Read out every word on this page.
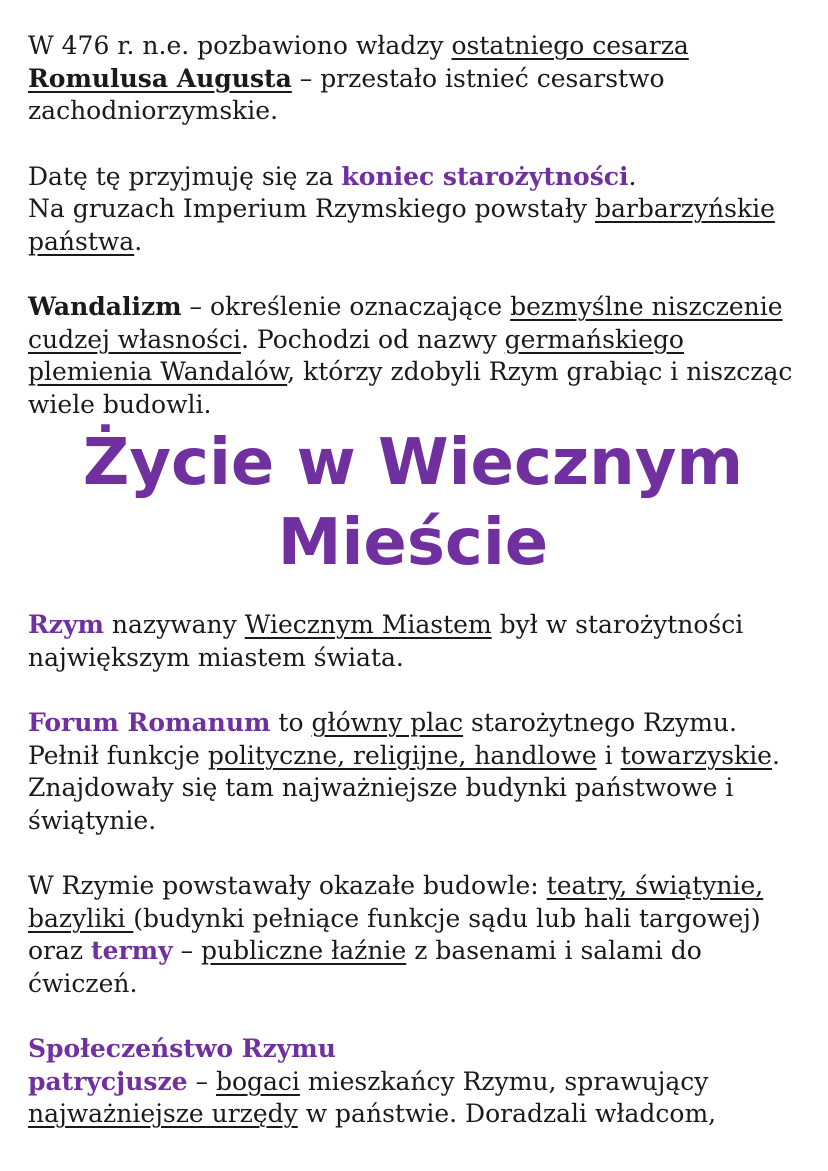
W 476 r. n.e. pozbawiono władzy ostatniego cesarza
Romulusa Augusta – przestało istnieć cesarstwo zachodniorzymskie.

Datę tę przyjmuję się za koniec starożytności.
Na gruzach Imperium Rzymskiego powstały barbarzyńskie państwa.

Wandalizm – określenie oznaczające bezmyślne niszczenie cudzej własności. Pochodzi od nazwy germańskiego plemienia Wandalów, którzy zdobyli Rzym grabiąc i niszcząc wiele budowli.

Życie w Wiecznym
Mieście

Rzym nazywany Wiecznym Miastem był w starożytności największym miastem świata.

Forum Romanum to główny plac starożytnego Rzymu. Pełnił funkcje polityczne, religijne, handlowe i towarzyskie. Znajdowały się tam najważniejsze budynki państwowe i świątynie.

W Rzymie powstawały okazałe budowle: teatry, świątynie, bazyliki (budynki pełniące funkcje sądu lub hali targowej) oraz termy – publiczne łaźnie z basenami i salami do ćwiczeń.

Społeczeństwo Rzymu
patrycjusze – bogaci mieszkańcy Rzymu, sprawujący najważniejsze urzędy w państwie. Doradzali władcom,
